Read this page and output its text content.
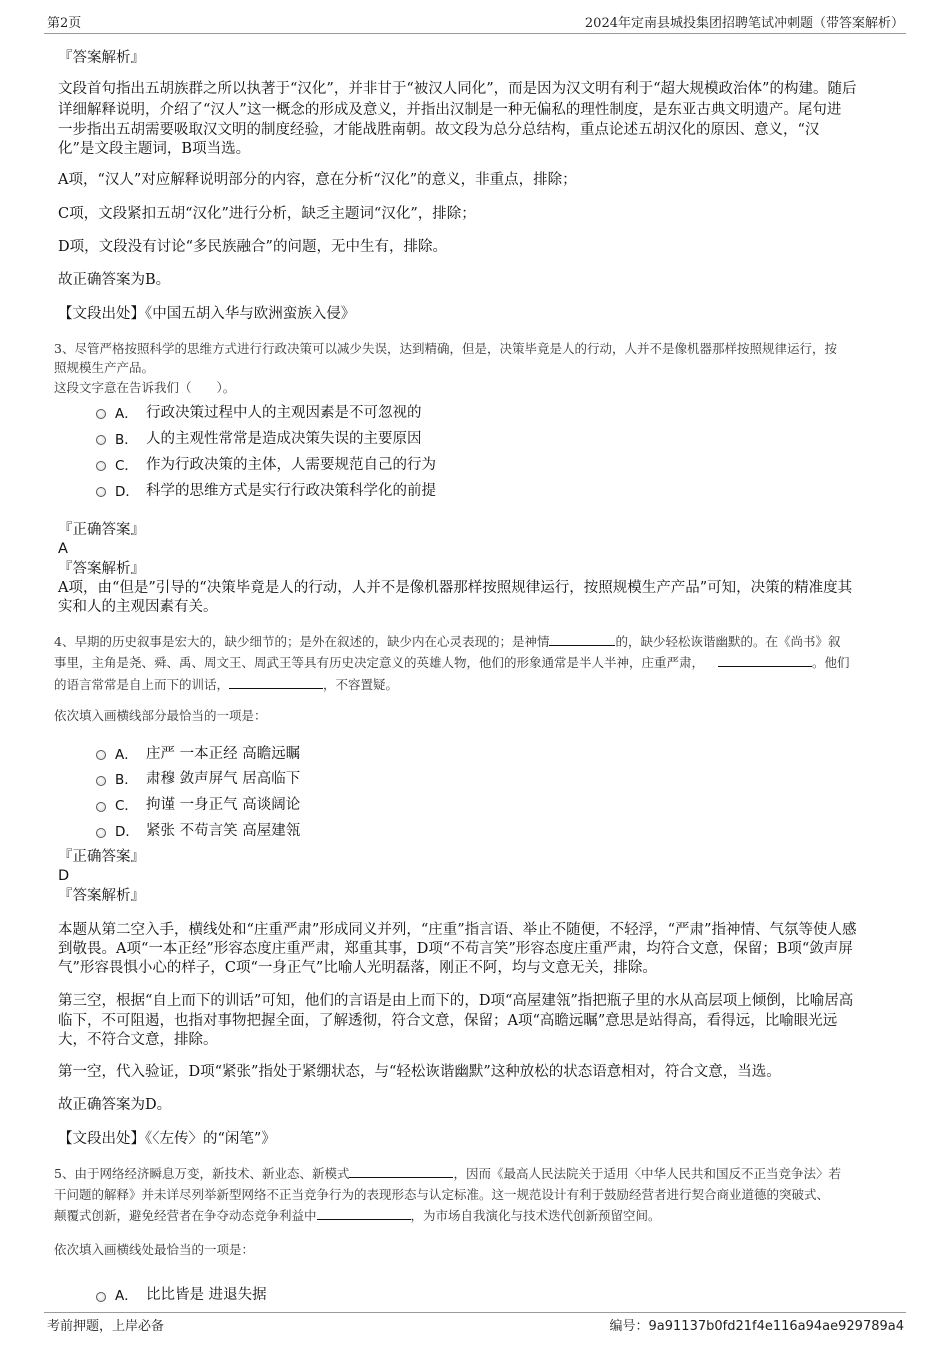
第2页	2024年定南县城投集团招聘笔试冲刺题（带答案解析）
『答案解析』
文段首句指出五胡族群之所以执著于“汉化”，并非甘于“被汉人同化”，而是因为汉文明有利于“超大规模政治体”的构建。随后
详细解释说明，介绍了“汉人”这一概念的形成及意义，并指出汉制是一种无偏私的理性制度，是东亚古典文明遗产。尾句进
一步指出五胡需要吸取汉文明的制度经验，才能战胜南朝。故文段为总分总结构，重点论述五胡汉化的原因、意义，“汉
化”是文段主题词，B项当选。
A项，“汉人”对应解释说明部分的内容，意在分析“汉化”的意义，非重点，排除；
C项，文段紧扣五胡“汉化”进行分析，缺乏主题词“汉化”，排除；
D项，文段没有讨论“多民族融合”的问题，无中生有，排除。
故正确答案为B。
【文段出处】《中国五胡入华与欧洲蛮族入侵》
3、尽管严格按照科学的思维方式进行行政决策可以减少失误，达到精确，但是，决策毕竟是人的行动，人并不是像机器那样按照规律运行，按
照规模生产产品。
这段文字意在告诉我们（　　）。
A． 行政决策过程中人的主观因素是不可忽视的
B． 人的主观性常常是造成决策失误的主要原因
C． 作为行政决策的主体，人需要规范自己的行为
D． 科学的思维方式是实行行政决策科学化的前提
『正确答案』
A
『答案解析』
A项，由“但是”引导的“决策毕竟是人的行动，人并不是像机器那样按照规律运行，按照规模生产产品”可知，决策的精准度其
实和人的主观因素有关。
4、早期的历史叙事是宏大的，缺少细节的；是外在叙述的，缺少内在心灵表现的；是神情	的，缺少轻松诙谐幽默的。在《尚书》叙
事里，主角是尧、舜、禹、周文王、周武王等具有历史决定意义的英雄人物，他们的形象通常是半人半神，庄重严肃，	。他们
的语言常常是自上而下的训话，	，不容置疑。
依次填入画横线部分最恰当的一项是：
A． 庄严 一本正经 高瞻远瞩
B． 肃穆 敛声屏气 居高临下
C． 拘谨 一身正气 高谈阔论
D． 紧张 不苟言笑 高屋建瓴
『正确答案』
D
『答案解析』
本题从第二空入手，横线处和“庄重严肃”形成同义并列，“庄重”指言语、举止不随便，不轻浮，“严肃”指神情、气氛等使人感
到敬畏。A项“一本正经”形容态度庄重严肃，郑重其事，D项“不苟言笑”形容态度庄重严肃，均符合文意，保留；B项“敛声屏
气”形容畏惧小心的样子，C项“一身正气”比喻人光明磊落，刚正不阿，均与文意无关，排除。
第三空，根据“自上而下的训话”可知，他们的言语是由上而下的，D项“高屋建瓴”指把瓶子里的水从高层项上倾倒，比喻居高
临下，不可阻遏，也指对事物把握全面，了解透彻，符合文意，保留；A项“高瞻远瞩”意思是站得高，看得远，比喻眼光远
大，不符合文意，排除。
第一空，代入验证，D项“紧张”指处于紧绷状态，与“轻松诙谐幽默”这种放松的状态语意相对，符合文意，当选。
故正确答案为D。
【文段出处】《〈左传〉的“闲笔”》
5、由于网络经济瞬息万变，新技术、新业态、新模式	，因而《最高人民法院关于适用〈中华人民共和国反不正当竞争法〉若
干问题的解释》并未详尽列举新型网络不正当竞争行为的表现形态与认定标准。这一规范设计有利于鼓励经营者进行契合商业道德的突破式、
颠覆式创新，避免经营者在争夺动态竞争利益中	，为市场自我演化与技术迭代创新预留空间。
依次填入画横线处最恰当的一项是：
A． 比比皆是 进退失据
考前押题，上岸必备	编号：9a91137b0fd21f4e116a94ae929789a4
